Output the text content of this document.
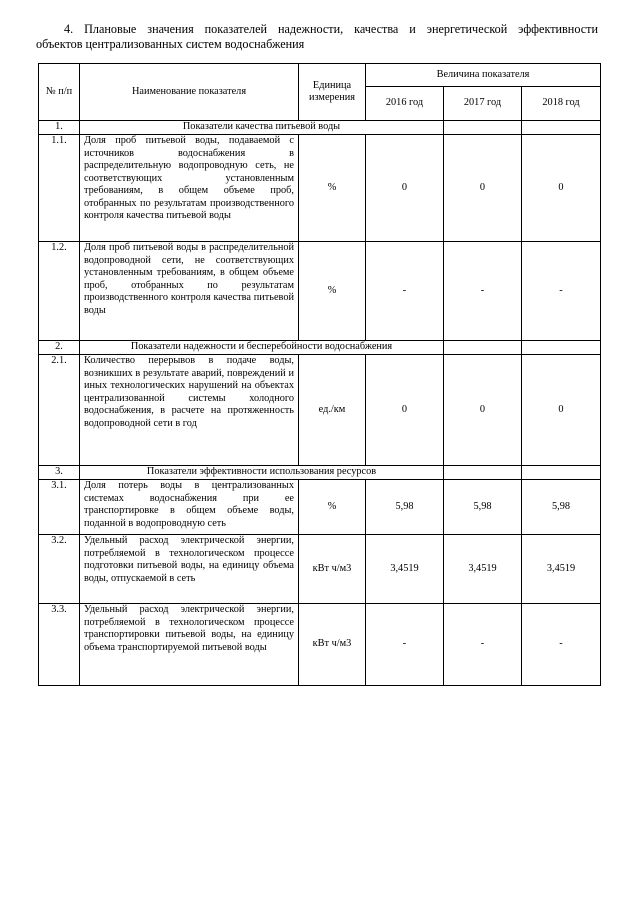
4. Плановые значения показателей надежности, качества и энергетической эффективности
объектов централизованных систем водоснабжения
№ п/п	Наименование показателя	Единица измерения	Величина показателя		
			2016 год	2017 год	2018 год
1.	Показатели качества питьевой воды				
1.1.	Доля проб питьевой воды, подаваемой с источников водоснабжения в распределительную водопроводную сеть, не соответствующих установленным требованиям, в общем объеме проб, отобранных по результатам производственного контроля качества питьевой воды	%	0	0	0
1.2.	Доля проб питьевой воды в распределительной водопроводной сети, не соответствующих установленным требованиям, в общем объеме проб, отобранных по результатам производственного контроля качества питьевой воды	%	-	-	-
2.	Показатели надежности и бесперебойности водоснабжения				
2.1.	Количество перерывов в подаче воды, возникших в результате аварий, повреждений и иных технологических нарушений на объектах централизованной системы холодного водоснабжения, в расчете на протяженность водопроводной сети в год	ед./км	0	0	0
3.	Показатели эффективности использования ресурсов				
3.1.	Доля потерь воды в централизованных системах водоснабжения при ее транспортировке в общем объеме воды, поданной в водопроводную сеть	%	5,98	5,98	5,98
3.2.	Удельный расход электрической энергии, потребляемой в технологическом процессе подготовки питьевой воды, на единицу объема воды, отпускаемой в сеть	кВт ч/м3	3,4519	3,4519	3,4519
3.3.	Удельный расход электрической энергии, потребляемой в технологическом процессе транспортировки питьевой воды, на единицу объема транспортируемой питьевой воды	кВт ч/м3	-	-	-
